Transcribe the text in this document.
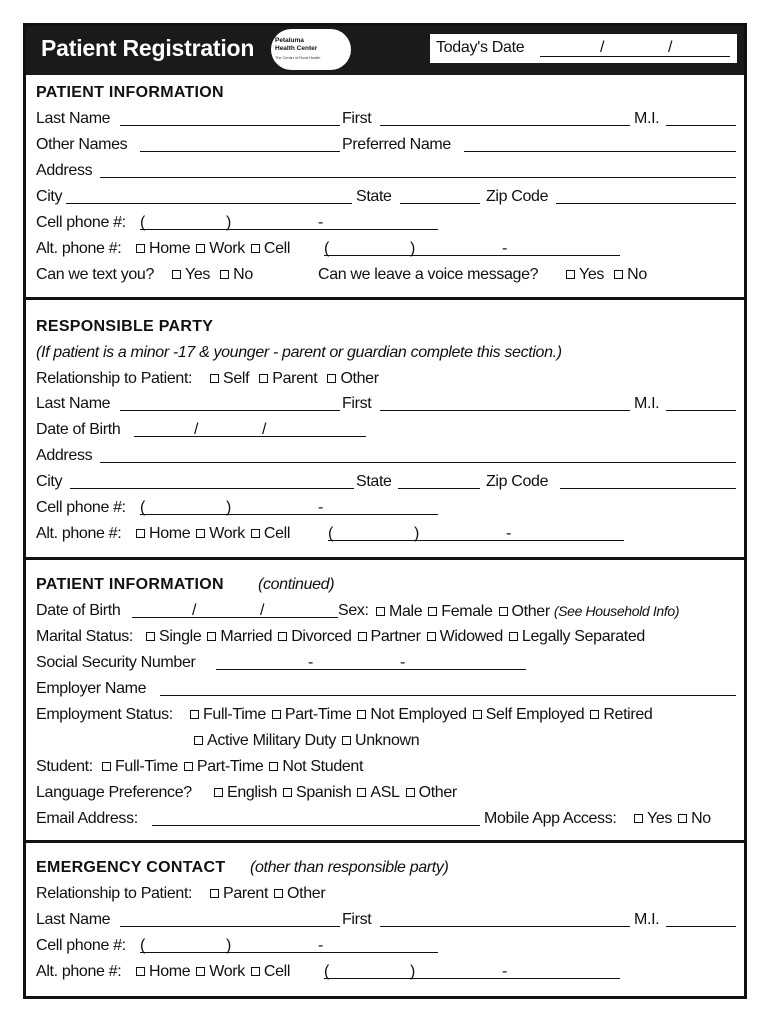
Patient Registration	Petaluma
Health Center
The Center of Rural Health
Today's Date	/	/
PATIENT INFORMATION
Last Name	First	M.I.
Other Names	Preferred Name
Address
City	State	Zip Code
Cell phone #: (	)	-
Alt. phone #:	Home Work Cell (	)	-
Can we text you?	Yes No	Can we leave a voice message?	Yes No
RESPONSIBLE PARTY
(If patient is a minor -17 & younger - parent or guardian complete this section.)
Relationship to Patient:	Self Parent Other
Last Name	First	M.I.
Date of Birth	/	/
Address
City	State	Zip Code
Cell phone #: (	)	-
Alt. phone #:	Home Work Cell (	)	-
PATIENT INFORMATION (continued)
Date of Birth	/	/	Sex:	Male Female Other (See Household Info)
Marital Status:	Single Married Divorced Partner Widowed Legally Separated
Social Security Number	-	-
Employer Name
Employment Status:	Full-Time Part-Time Not Employed Self Employed Retired
Active Military Duty Unknown
Student:	Full-Time Part-Time Not Student
Language Preference?	English Spanish ASL Other
Email Address:	Mobile App Access:	Yes No
EMERGENCY CONTACT (other than responsible party)
Relationship to Patient:	Parent Other
Last Name	First	M.I.
Cell phone #: (	)	-
Alt. phone #:	Home Work Cell (	)	-
